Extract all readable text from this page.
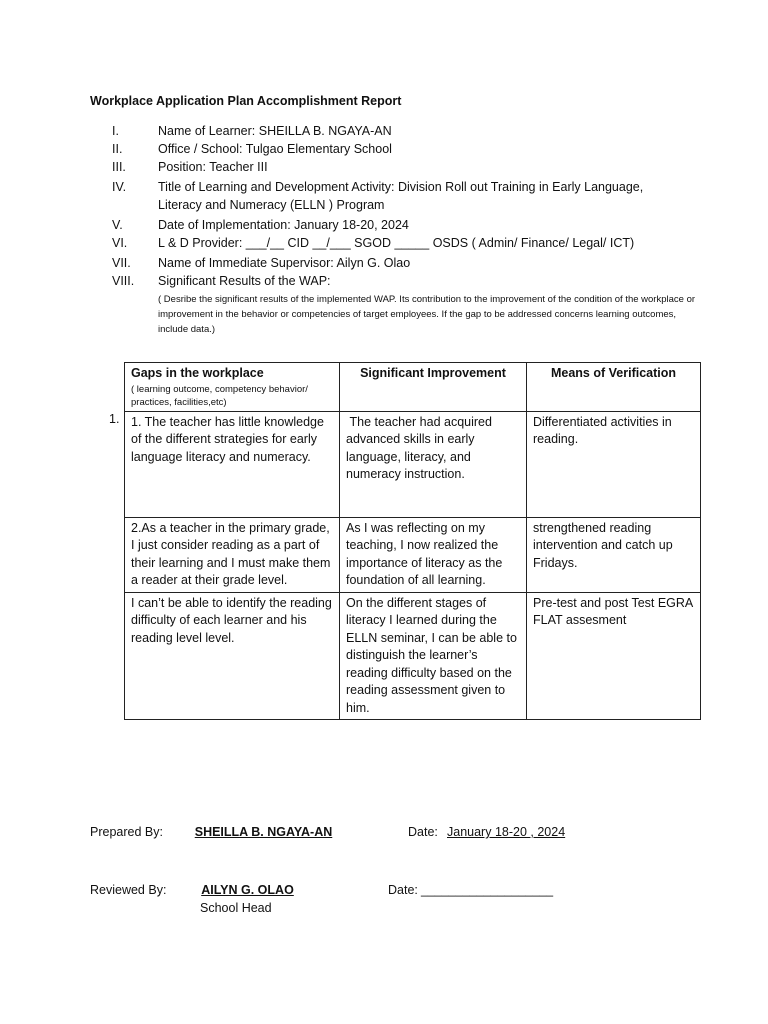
Workplace Application Plan Accomplishment Report
I.	Name of Learner: SHEILLA B. NGAYA-AN
II.	Office / School: Tulgao Elementary School
III.	Position: Teacher III
IV.	Title of Learning and Development Activity: Division Roll out Training in Early Language, Literacy and Numeracy (ELLN ) Program
V.	Date of Implementation: January 18-20, 2024
VI.	L & D Provider: ___/__ CID __/___ SGOD _____ OSDS ( Admin/ Finance/ Legal/ ICT)
VII.	Name of Immediate Supervisor: Ailyn G. Olao
VIII.	Significant Results of the WAP:
( Desribe the significant results of the implemented WAP. Its contribution to the improvement of the condition of the workplace or improvement in the behavior or competencies of target employees. If the gap to be addressed concerns learning outcomes, include data.)
1.
Gaps in the workplace
( learning outcome, competency behavior/ practices, facilities,etc)	Significant Improvement	Means of Verification
1. The teacher has little knowledge of the different strategies for early language literacy and numeracy.	The teacher had acquired advanced skills in early language, literacy, and numeracy instruction.	Differentiated activities in reading.
2.As a teacher in the primary grade, I just consider reading as a part of their learning and I must make them a reader at their grade level.	As I was reflecting on my teaching, I now realized the importance of literacy as the foundation of all learning.	strengthened reading intervention and catch up Fridays.
I can’t be able to identify the reading difficulty of each learner and his reading level level.	On the different stages of literacy I learned during the ELLN seminar, I can be able to distinguish the learner’s reading difficulty based on the reading assessment given to him.	Pre-test and post Test EGRA FLAT assesment
Prepared By:	SHEILLA B. NGAYA-AN	Date: January 18-20 , 2024
Reviewed By:	AILYN G. OLAO
School Head
Date: ___________________
